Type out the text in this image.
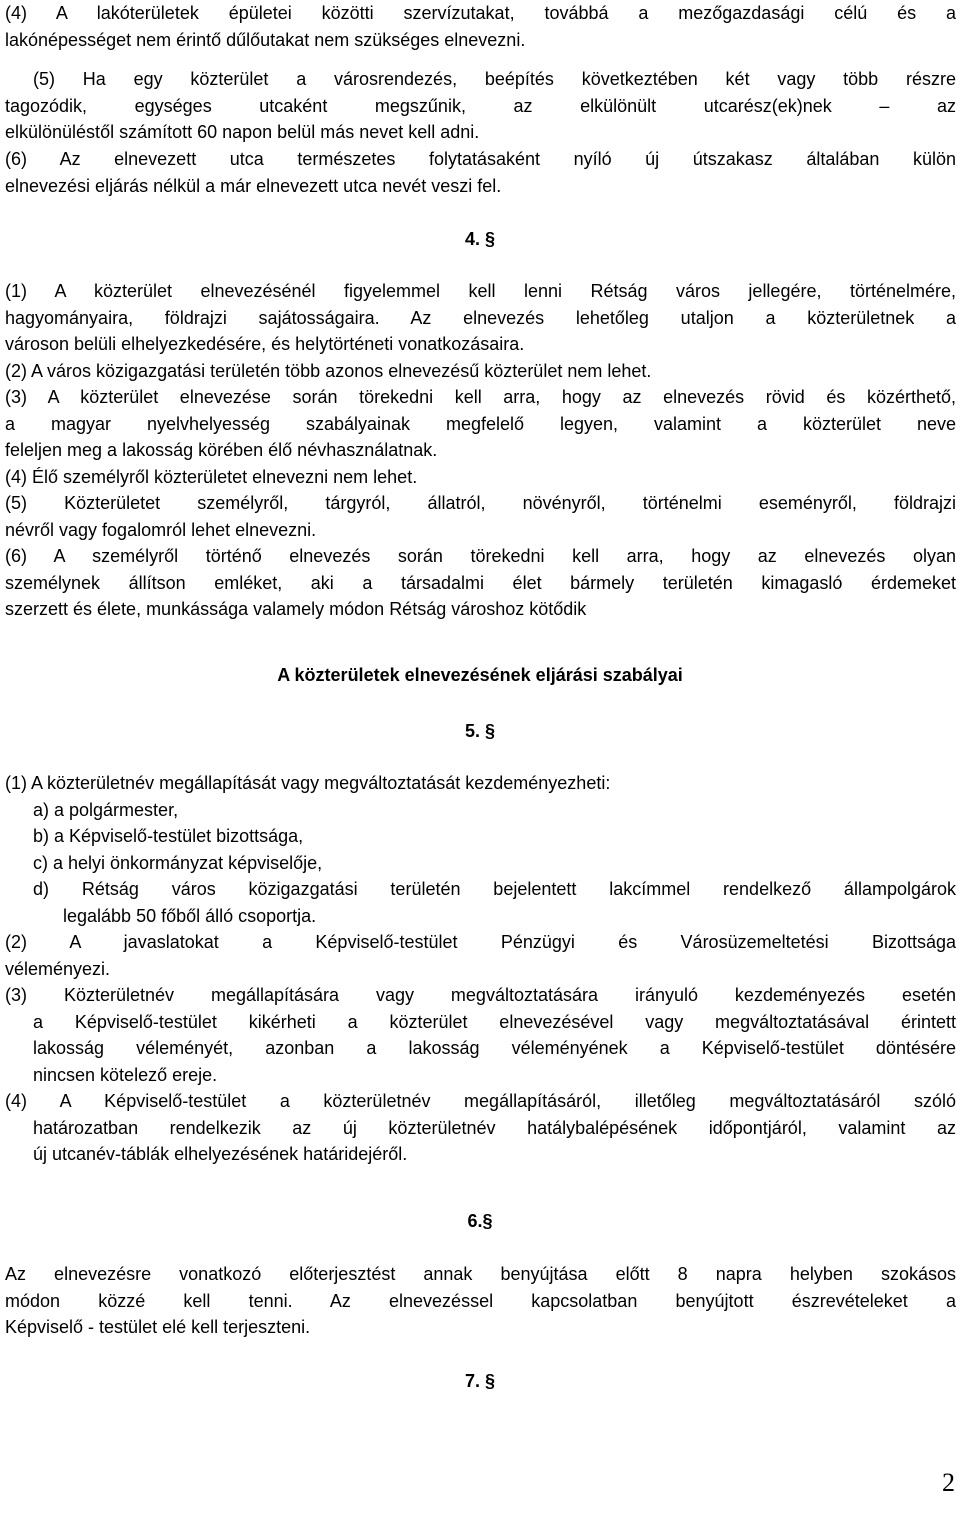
(4) A lakóterületek épületei közötti szervízutakat, továbbá a mezőgazdasági célú és a
lakónépességet nem érintő dűlőutakat nem szükséges elnevezni.
(5) Ha egy közterület a városrendezés, beépítés következtében két vagy több részre
tagozódik, egységes utcaként megszűnik, az elkülönült utcarész(ek)nek – az
elkülönüléstől számított 60 napon belül más nevet kell adni.
(6) Az elnevezett utca természetes folytatásaként nyíló új útszakasz általában külön
elnevezési eljárás nélkül a már elnevezett utca nevét veszi fel.

4. §

(1) A közterület elnevezésénél figyelemmel kell lenni Rétság város jellegére, történelmére,
hagyományaira, földrajzi sajátosságaira. Az elnevezés lehetőleg utaljon a közterületnek a
városon belüli elhelyezkedésére, és helytörténeti vonatkozásaira.
(2) A város közigazgatási területén több azonos elnevezésű közterület nem lehet.
(3) A közterület elnevezése során törekedni kell arra, hogy az elnevezés rövid és közérthető,
a magyar nyelvhelyesség szabályainak megfelelő legyen, valamint a közterület neve
feleljen meg a lakosság körében élő névhasználatnak.
(4) Élő személyről közterületet elnevezni nem lehet.
(5) Közterületet személyről, tárgyról, állatról, növényről, történelmi eseményről, földrajzi
névről vagy fogalomról lehet elnevezni.
(6) A személyről történő elnevezés során törekedni kell arra, hogy az elnevezés olyan
személynek állítson emléket, aki a társadalmi élet bármely területén kimagasló érdemeket
szerzett és élete, munkássága valamely módon Rétság városhoz kötődik

A közterületek elnevezésének eljárási szabályai

5. §

(1) A közterületnév megállapítását vagy megváltoztatását kezdeményezheti:
a) a polgármester,
b) a Képviselő-testület bizottsága,
c) a helyi önkormányzat képviselője,
d) Rétság város közigazgatási területén bejelentett lakcímmel rendelkező állampolgárok
legalább 50 főből álló csoportja.
(2) A javaslatokat a Képviselő-testület Pénzügyi és Városüzemeltetési Bizottsága
véleményezi.
(3) Közterületnév megállapítására vagy megváltoztatására irányuló kezdeményezés esetén
a Képviselő-testület kikérheti a közterület elnevezésével vagy megváltoztatásával érintett
lakosság véleményét, azonban a lakosság véleményének a Képviselő-testület döntésére
nincsen kötelező ereje.
(4) A Képviselő-testület a közterületnév megállapításáról, illetőleg megváltoztatásáról szóló
határozatban rendelkezik az új közterületnév hatálybalépésének időpontjáról, valamint az
új utcanév-táblák elhelyezésének határidejéről.

6.§

Az elnevezésre vonatkozó előterjesztést annak benyújtása előtt 8 napra helyben szokásos
módon közzé kell tenni. Az elnevezéssel kapcsolatban benyújtott észrevételeket a
Képviselő - testület elé kell terjeszteni.

7. §

2
